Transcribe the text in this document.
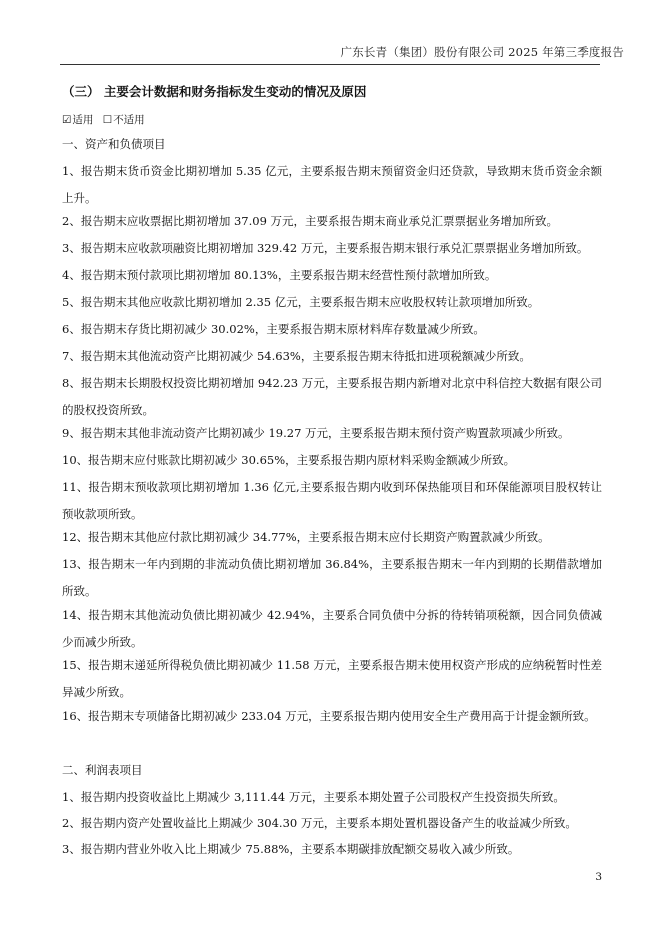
广东长青（集团）股份有限公司 2025 年第三季度报告
（三） 主要会计数据和财务指标发生变动的情况及原因
☑适用 ☐不适用
一、资产和负债项目
1、报告期末货币资金比期初增加 5.35 亿元，主要系报告期末预留资金归还贷款，导致期末货币资金余额上升。
2、报告期末应收票据比期初增加 37.09 万元，主要系报告期末商业承兑汇票票据业务增加所致。
3、报告期末应收款项融资比期初增加 329.42 万元，主要系报告期末银行承兑汇票票据业务增加所致。
4、报告期末预付款项比期初增加 80.13%，主要系报告期末经营性预付款增加所致。
5、报告期末其他应收款比期初增加 2.35 亿元，主要系报告期末应收股权转让款项增加所致。
6、报告期末存货比期初减少 30.02%，主要系报告期末原材料库存数量减少所致。
7、报告期末其他流动资产比期初减少 54.63%，主要系报告期末待抵扣进项税额减少所致。
8、报告期末长期股权投资比期初增加 942.23 万元，主要系报告期内新增对北京中科信控大数据有限公司的股权投资所致。
9、报告期末其他非流动资产比期初减少 19.27 万元，主要系报告期末预付资产购置款项减少所致。
10、报告期末应付账款比期初减少 30.65%，主要系报告期内原材料采购金额减少所致。
11、报告期末预收款项比期初增加 1.36 亿元,主要系报告期内收到环保热能项目和环保能源项目股权转让预收款项所致。
12、报告期末其他应付款比期初减少 34.77%，主要系报告期末应付长期资产购置款减少所致。
13、报告期末一年内到期的非流动负债比期初增加 36.84%，主要系报告期末一年内到期的长期借款增加所致。
14、报告期末其他流动负债比期初减少 42.94%，主要系合同负债中分拆的待转销项税额，因合同负债减少而减少所致。
15、报告期末递延所得税负债比期初减少 11.58 万元，主要系报告期末使用权资产形成的应纳税暂时性差异减少所致。
16、报告期末专项储备比期初减少 233.04 万元，主要系报告期内使用安全生产费用高于计提金额所致。
二、利润表项目
1、报告期内投资收益比上期减少 3,111.44 万元，主要系本期处置子公司股权产生投资损失所致。
2、报告期内资产处置收益比上期减少 304.30 万元，主要系本期处置机器设备产生的收益减少所致。
3、报告期内营业外收入比上期减少 75.88%，主要系本期碳排放配额交易收入减少所致。
3
